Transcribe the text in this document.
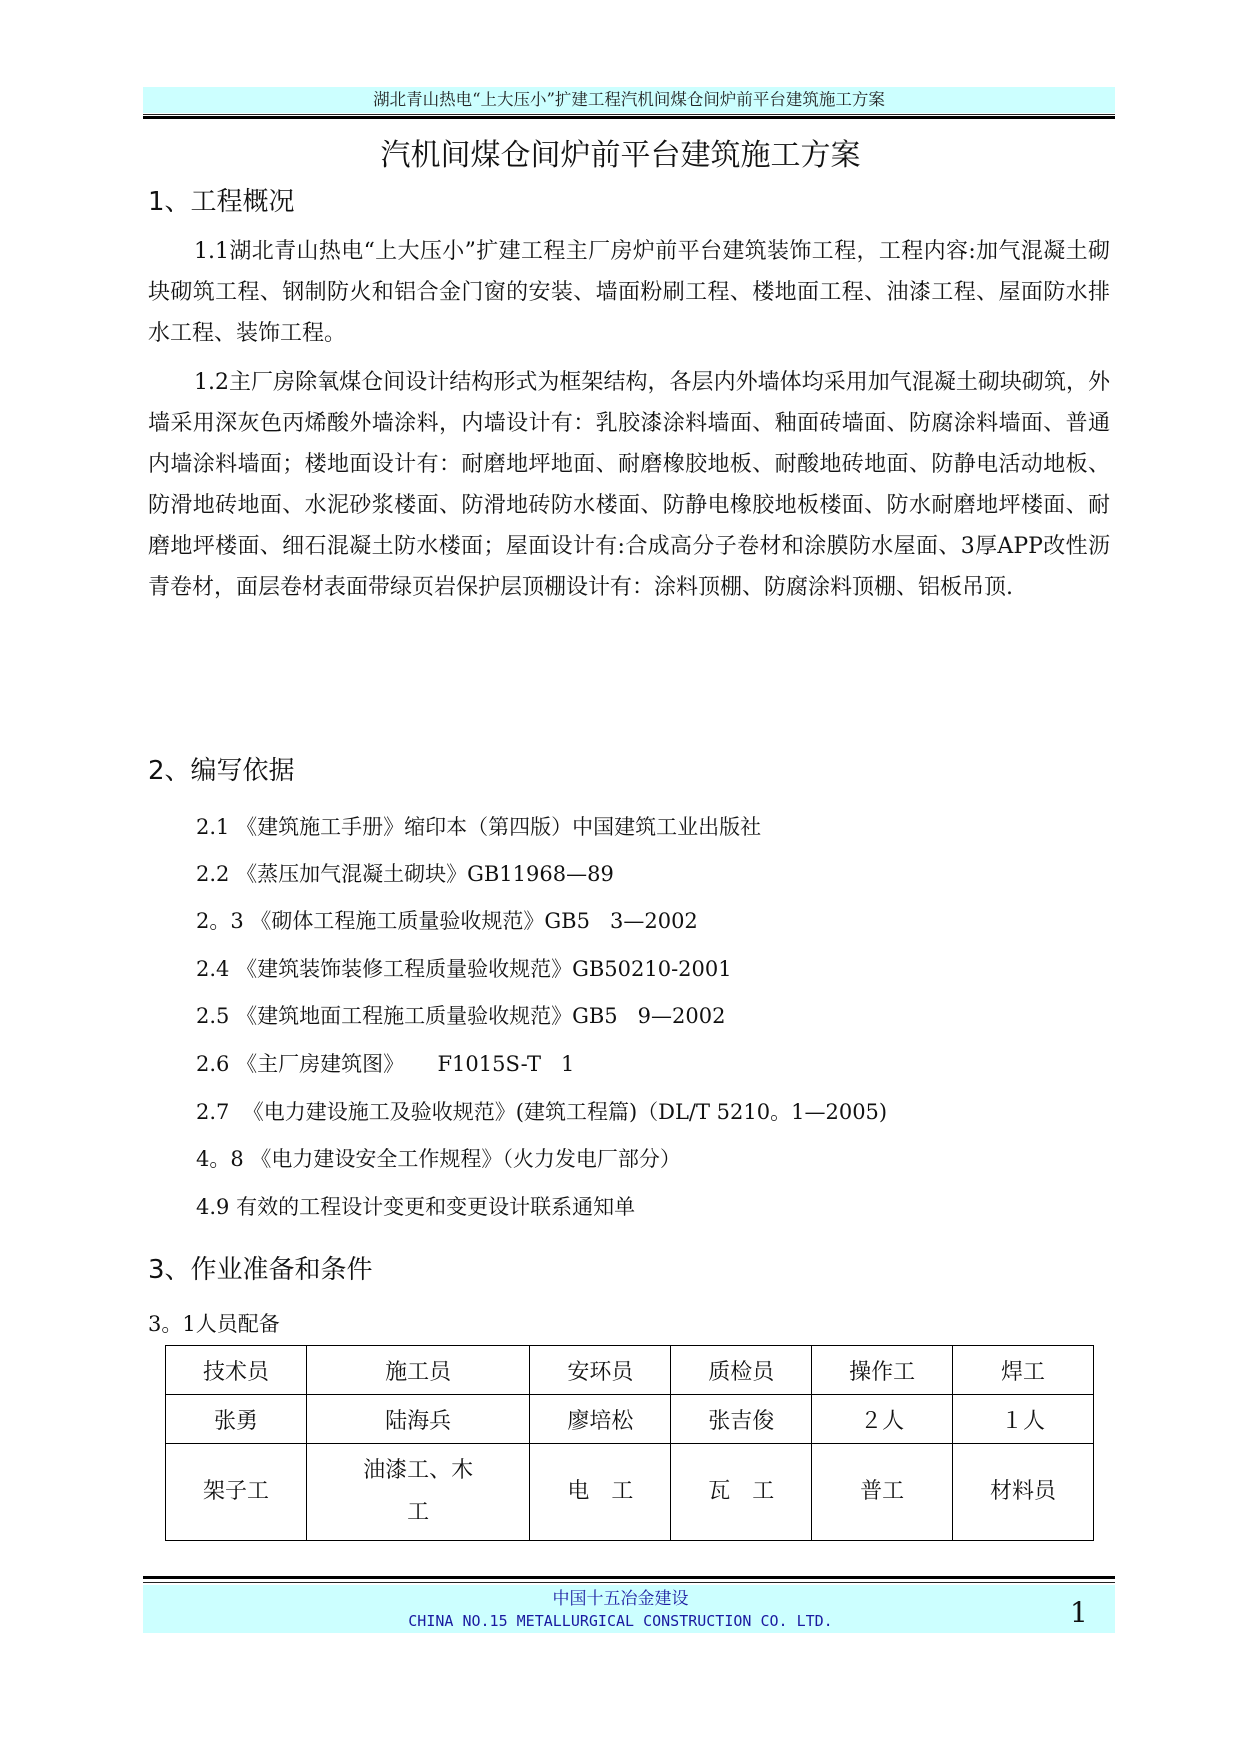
湖北青山热电“上大压小”扩建工程汽机间煤仓间炉前平台建筑施工方案
汽机间煤仓间炉前平台建筑施工方案
1、工程概况
1.1湖北青山热电“上大压小”扩建工程主厂房炉前平台建筑装饰工程，工程内容:加气混凝土砌块砌筑工程、钢制防火和铝合金门窗的安装、墙面粉刷工程、楼地面工程、油漆工程、屋面防水排水工程、装饰工程。
1.2主厂房除氧煤仓间设计结构形式为框架结构，各层内外墙体均采用加气混凝土砌块砌筑，外墙采用深灰色丙烯酸外墙涂料，内墙设计有：乳胶漆涂料墙面、釉面砖墙面、防腐涂料墙面、普通内墙涂料墙面；楼地面设计有：耐磨地坪地面、耐磨橡胶地板、耐酸地砖地面、防静电活动地板、防滑地砖地面、水泥砂浆楼面、防滑地砖防水楼面、防静电橡胶地板楼面、防水耐磨地坪楼面、耐磨地坪楼面、细石混凝土防水楼面；屋面设计有:合成高分子卷材和涂膜防水屋面、3厚APP改性沥青卷材，面层卷材表面带绿页岩保护层顶棚设计有：涂料顶棚、防腐涂料顶棚、铝板吊顶.
2、编写依据
2.1 《建筑施工手册》缩印本（第四版）中国建筑工业出版社
2.2 《蒸压加气混凝土砌块》GB11968—89
2。3 《砌体工程施工质量验收规范》GB5   3—2002
2.4 《建筑装饰装修工程质量验收规范》GB50210-2001
2.5 《建筑地面工程施工质量验收规范》GB5   9—2002
2.6 《主厂房建筑图》     F1015S-T   1
2.7  《电力建设施工及验收规范》(建筑工程篇)（DL/T 5210。1—2005)
4。8 《电力建设安全工作规程》（火力发电厂部分）
4.9 有效的工程设计变更和变更设计联系通知单
3、作业准备和条件
3。1人员配备
技术员	施工员	安环员	质检员	操作工	焊工
张勇	陆海兵	廖培松	张吉俊	２人	１人
架子工	油漆工、木工	电　工	瓦　工	普工	材料员
中国十五冶金建设
CHINA NO.15 METALLURGICAL CONSTRUCTION CO. LTD.	1
